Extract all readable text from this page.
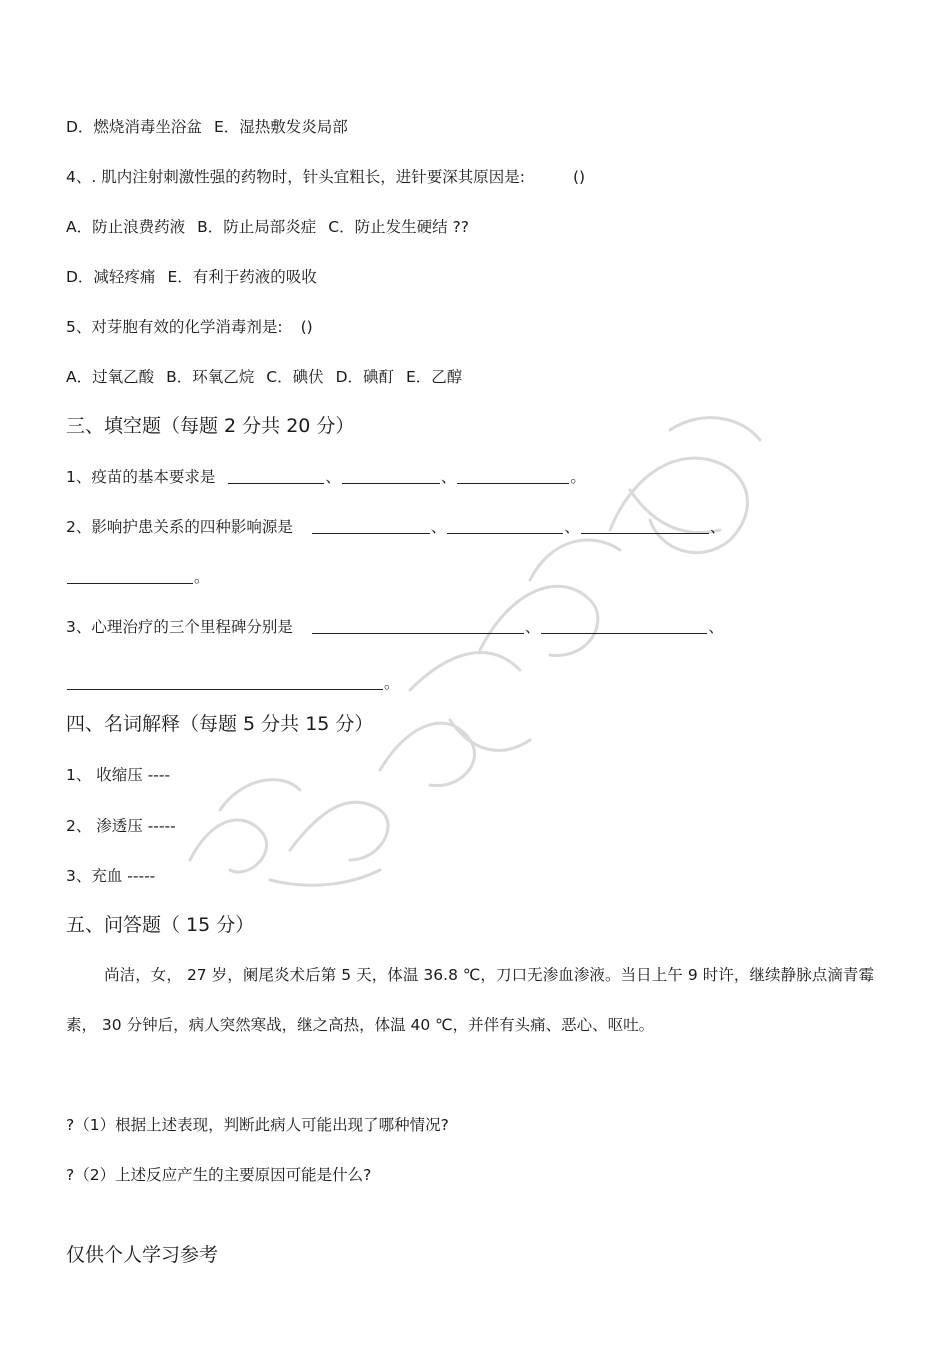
D．燃烧消毒坐浴盆 E．湿热敷发炎局部
4、. 肌内注射刺激性强的药物时，针头宜粗长，进针要深其原因是:	()
A．防止浪费药液 B．防止局部炎症 C．防止发生硬结 ??
D．减轻疼痛 E．有利于药液的吸收
5、对芽胞有效的化学消毒剂是: ()
A．过氧乙酸 B．环氧乙烷 C．碘伏 D．碘酊 E．乙醇
三、填空题（每题 2 分共 20 分）
1、疫苗的基本要求是	、	、	。
2、影响护患关系的四种影响源是	、	、	、
。
3、心理治疗的三个里程碑分别是	、	、
。
四、名词解释（每题 5 分共 15 分）
1、 收缩压 ----
2、 渗透压 -----
3、充血 -----
五、问答题（ 15 分）
尚洁，女， 27 岁，阑尾炎术后第 5 天，体温 36.8 ℃，刀口无渗血渗液。当日上午 9 时许，继续静脉点滴青霉素， 30 分钟后，病人突然寒战，继之高热，体温 40 ℃，并伴有头痛、恶心、呕吐。
?（1）根据上述表现，判断此病人可能出现了哪种情况?
?（2）上述反应产生的主要原因可能是什么?
仅供个人学习参考
